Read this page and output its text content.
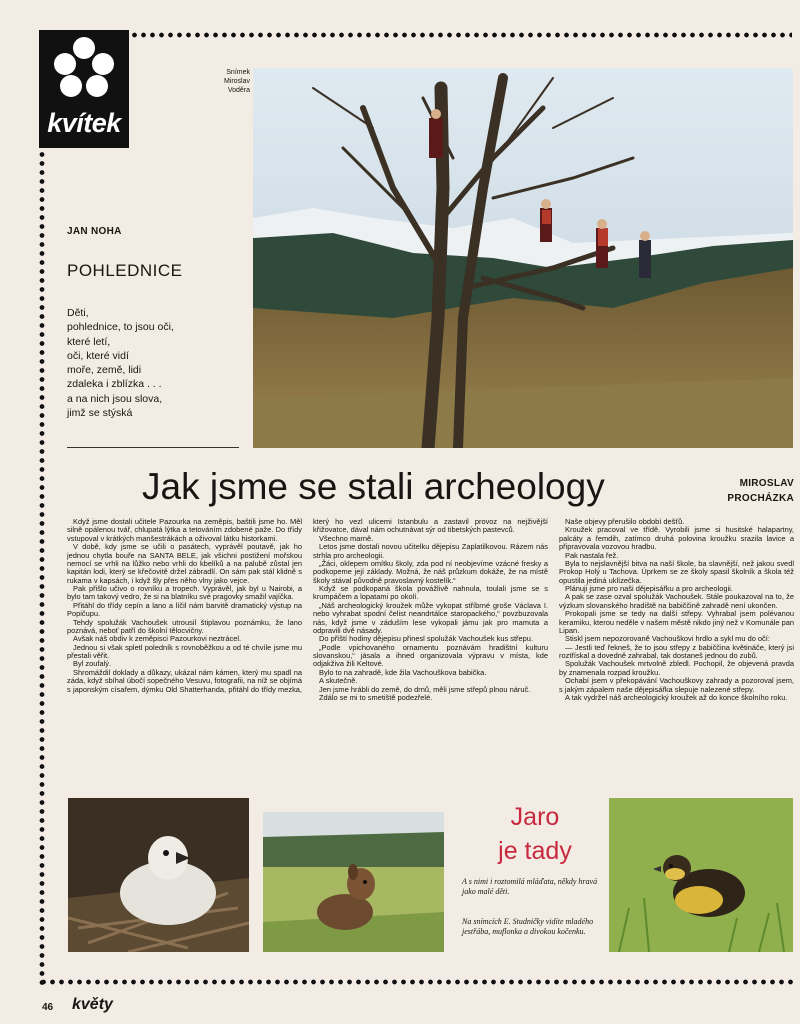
kvítek
Snímek
Miroslav
Voděra
JAN NOHA
POHLEDNICE
Děti,
pohlednice, to jsou oči,
které letí,
oči, které vidí
moře, země, lidi
zdaleka i zblízka . . .
a na nich jsou slova,
jimž se stýská
Jak jsme se stali archeology	MIROSLAV
PROCHÁZKA

Když jsme dostali učitele Pazourka na zeměpis, baštili jsme ho. Měl silně opálenou tvář, chlupatá lýtka a tetováním zdobené paže. Do třídy vstupoval v krátkých manšestrákách a oživoval látku historkami.

V době, kdy jsme se učili o pasátech, vyprávěl poutavě, jak ho jednou chytla bouře na SANTA BELE, jak všichni postižení mořskou nemocí se vrhli na lůžko nebo vrhli do kbelíků a na palubě zůstal jen kapitán lodi, který se křečovitě držel zábradlí. On sám pak stál klidně s rukama v kapsách, i když šly přes něho vlny jako vejce.

Pak přišlo učivo o rovníku a tropech. Vyprávěl, jak byl u Nairobi, a bylo tam takový vedro, že si na blatníku své pragovky smažil vajíčka.

Přitáhl do třídy cepín a lano a líčil nám barvitě dramatický výstup na Popičupu.

Tehdy spolužák Vachoušek utrousil štiplavou poznámku, že lano poznává, neboť patří do školní tělocvičny.

Avšak náš obdiv k zeměpisci Pazourkovi neztrácel.

Jednou si však spletl poledník s rovnoběžkou a od té chvíle jsme mu přestali věřit.

Byl zoufalý.

Shromáždil doklady a důkazy, ukázal nám kámen, který mu spadl na záda, když sbíhal úbočí sopečného Vesuvu, fotografii, na níž se objímá s japonským císařem, dýmku Old Shatterhanda, přitáhl do třídy mezka, který ho vezl ulicemi Istanbulu a zastavil provoz na nejživější křižovatce, dával nám ochutnávat sýr od tibetských pastevců.

Všechno marně.

Letos jsme dostali novou učitelku dějepisu Zaplatilkovou. Rázem nás strhla pro archeologii.

„Žáci, oklepem omítku školy, zda pod ní neobjevíme vzácné fresky a podkopeme její základy. Možná, že náš průzkum dokáže, že na místě školy stával původně pravoslavný kostelík.“

Když se podkopaná škola povážlivě nahnula, toulali jsme se s krumpáčem a lopatami po okolí.

„Náš archeologický kroužek může vykopat stříbrné groše Václava I. nebo vyhrabat spodní čelist neandrtálce staropackého,“ povzbuzovala nás, když jsme v záduším lese vykopali jámu jak pro mamuta a odpravili dvě násady.

Do příští hodiny dějepisu přinesl spolužák Vachoušek kus střepu.

„Podle vpichovaného ornamentu poznávám hradištní kulturu slovanskou,“ jásala a ihned organizovala výpravu v místa, kde odjakživa žili Keltové.

Bylo to na zahradě, kde žila Vachouškova babička.

A skutečně.

Jen jsme hrábli do země, do drnů, měli jsme střepů plnou náruč.

Zdálo se mi to smetiště podezřelé.

Naše objevy přerušilo období dešťů.

Kroužek pracoval ve třídě. Vyrobili jsme si husitské halapartny, palcáty a řemdih, zatímco druhá polovina kroužku srazila lavice a připravovala vozovou hradbu.

Pak nastala řež.

Byla to nejslavnější bitva na naší škole, ba slavnější, než jakou svedl Prokop Holý u Tachova. Úprkem se ze školy spasil školník a škola též opustila jediná uklízečka.

Plánuji jsme pro naši dějepisářku a pro archeologii.

A pak se zase ozval spolužák Vachoušek. Stále poukazoval na to, že výzkum slovanského hradiště na babiččině zahradě není ukončen.

Prokopali jsme se tedy na další střepy. Vyhrabal jsem polévanou keramiku, kterou neděle v našem městě nikdo jiný než v Komunále pan Lipan.

Stiskl jsem nepozorovaně Vachouškovi hrdlo a sykl mu do očí:

— Jestli teď řekneš, že to jsou střepy z babiččina květináče, který jsi roztřískal a dovedně zahrabal, tak dostaneš jednou do zubů.

Spolužák Vachoušek mrtvolně zbledl. Pochopil, že objevená pravda by znamenala rozpad kroužku.

Ochabí jsem v překopávání Vachouškovy zahrady a pozoroval jsem, s jakým zápalem naše dějepisářka slepuje nalezené střepy.

A tak vydržel náš archeologický kroužek až do konce školního roku.

Jaro
je tady
A s nimi i roztomilá mláďata, někdy hravá jako malé děti.
Na snímcích E. Studničky vidíte mladého jestřába, muflonka a divokou kočenku.
46 květy
